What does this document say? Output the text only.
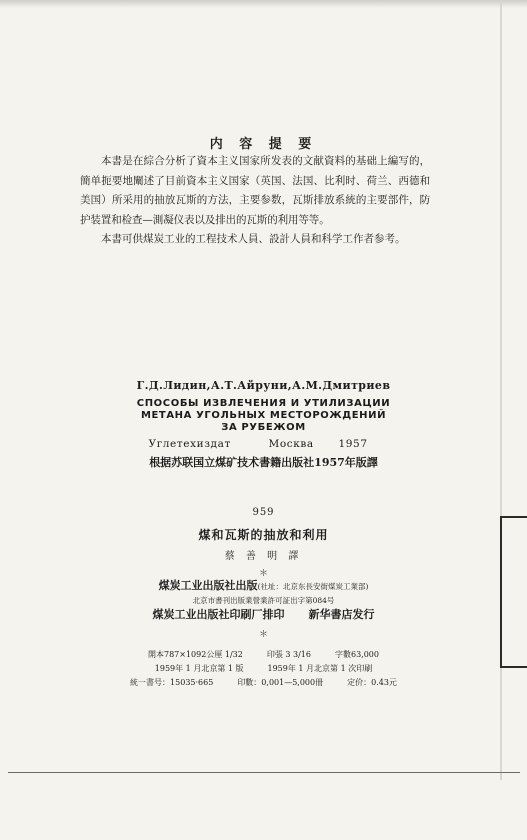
内 容 提 要

本書是在綜合分析了資本主义国家所发表的文献資料的基础上編写的，簡单扼要地闡述了目前資本主义国家（英国、法国、比利时、荷兰、西德和美国）所采用的抽放瓦斯的方法，主要参数，瓦斯排放系統的主要部件，防护装置和检查—測凝仪表以及排出的瓦斯的利用等等。

本書可供煤炭工业的工程技术人員、設計人員和科学工作者参考。

Г.Д.Лидин,А.Т.Айруни,А.М.Дмитриев
СПОСОБЫ ИЗВЛЕЧЕНИЯ И УТИЛИЗАЦИИ
МЕТАНА УГОЛЬНЫХ МЕСТОРОЖДЕНИЙ
ЗА РУБЕЖОМ
Углетехиздат	Москва 1957
根据苏联国立煤矿技术書籍出版社1957年版譯
959
煤和瓦斯的抽放和利用
蔡 善 明 譯
＊
煤炭工业出版社出版(社址：北京东長安街煤炭工業部)
北京市書刊出版業營業許可証出字第084号
煤炭工业出版社印刷厂排印 新华書店发行
＊
開本787×1092公厘 1/32	印張 3 3/16	字數63,000
1959年 1 月北京第 1 版	1959年 1 月北京第 1 次印刷
統一書号：15035·665	印數：0,001—5,000冊	定价：0.43元
